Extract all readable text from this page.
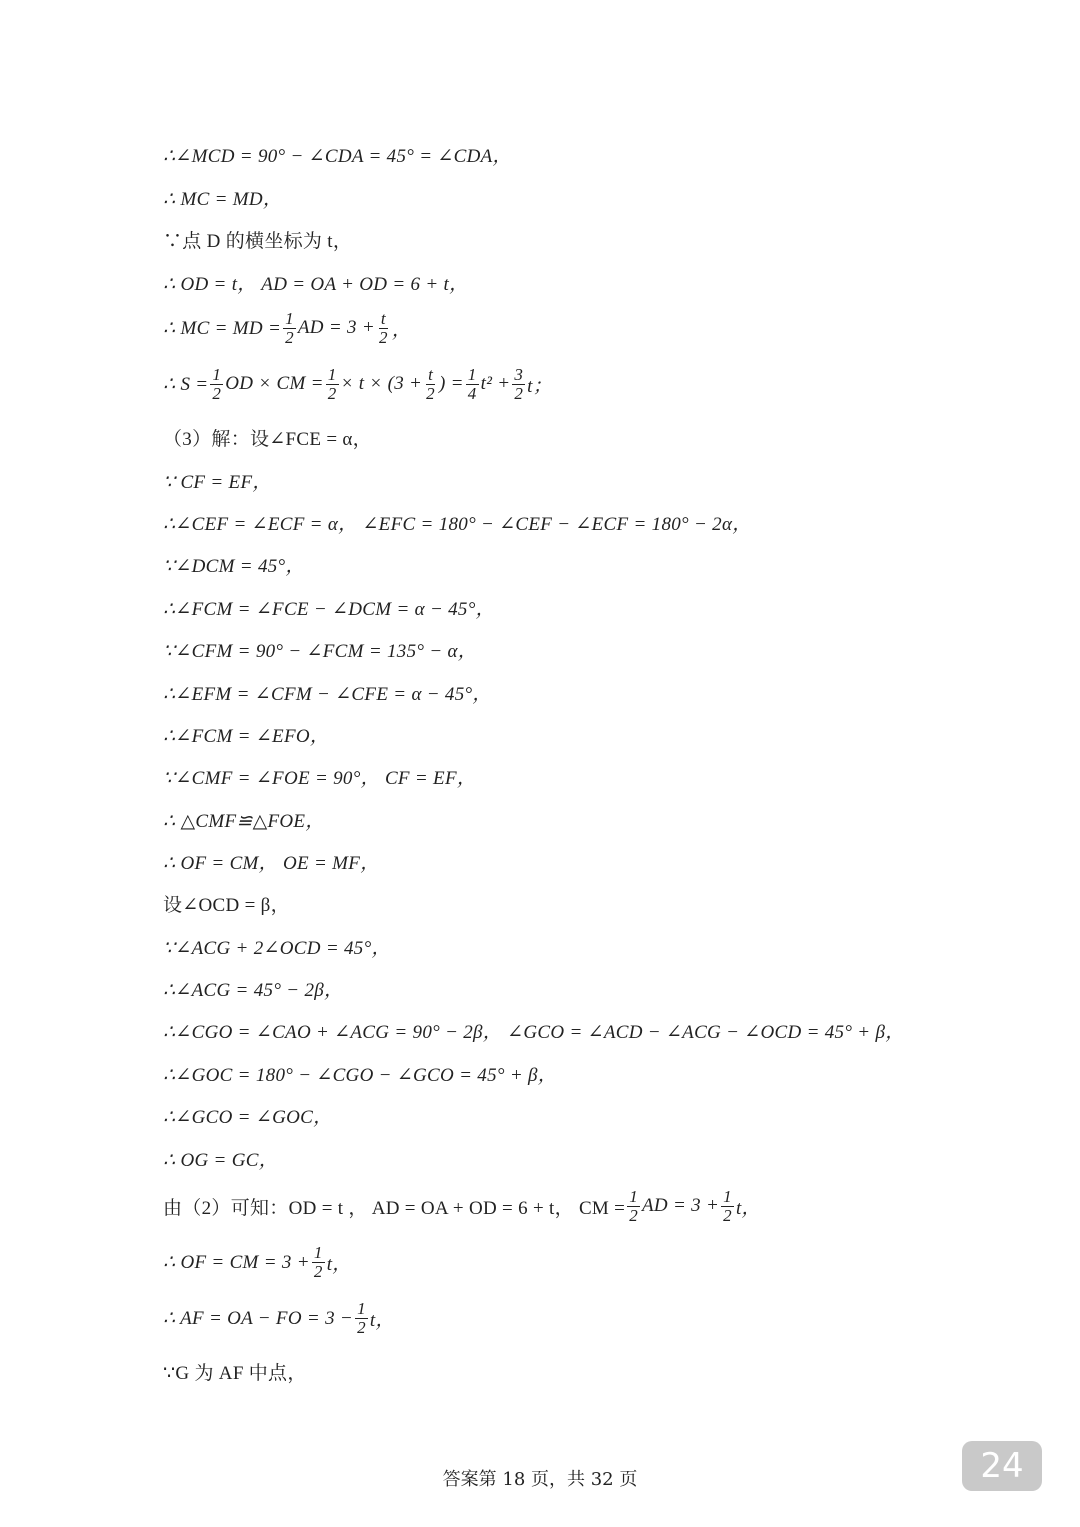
∴∠MCD = 90° − ∠CDA = 45° = ∠CDA，
∴ MC = MD，
∵点 D 的横坐标为 t，
∴ OD = t， AD = OA + OD = 6 + t，
∴ MC = MD = $\frac{1}{2}$ AD = $3 + \frac{t}{2}$ ，
∴ $S = \frac{1}{2}$ OD × CM = $\frac{1}{2} \times t \times (3 + \frac{t}{2}$ ) = $\frac{1}{4} t^2 + \frac{3}{2}$ t；
（3）解：设∠FCE = α，
∵ CF = EF，
∴∠CEF = ∠ECF = α， ∠EFC = 180° − ∠CEF − ∠ECF = 180° − 2α，
∵∠DCM = 45°，
∴∠FCM = ∠FCE − ∠DCM = α − 45°，
∵∠CFM = 90° − ∠FCM = 135° − α，
∴∠EFM = ∠CFM − ∠CFE = α − 45°，
∴∠FCM = ∠EFO，
∵∠CMF = ∠FOE = 90°， CF = EF，
∴ △CMF≌△FOE，
∴ OF = CM， OE = MF，
设∠OCD = β，
∵∠ACG + 2∠OCD = 45°，
∴∠ACG = 45° − 2β，
∴∠CGO = ∠CAO + ∠ACG = 90° − 2β， ∠GCO = ∠ACD − ∠ACG − ∠OCD = 45° + β，
∴∠GOC = 180° − ∠CGO − ∠GCO = 45° + β，
∴∠GCO = ∠GOC，
∴ OG = GC，
由（2）可知：OD = t ， AD = OA + OD = 6 + t， CM = $\frac{1}{2}$ AD = $3 + \frac{1}{2}$ t，
∴ OF = CM = $3 + \frac{1}{2}$ t，
∴ AF = OA − FO = $3 - \frac{1}{2}$ t，
∵G 为 AF 中点，
答案第 18 页，共 32 页	24
